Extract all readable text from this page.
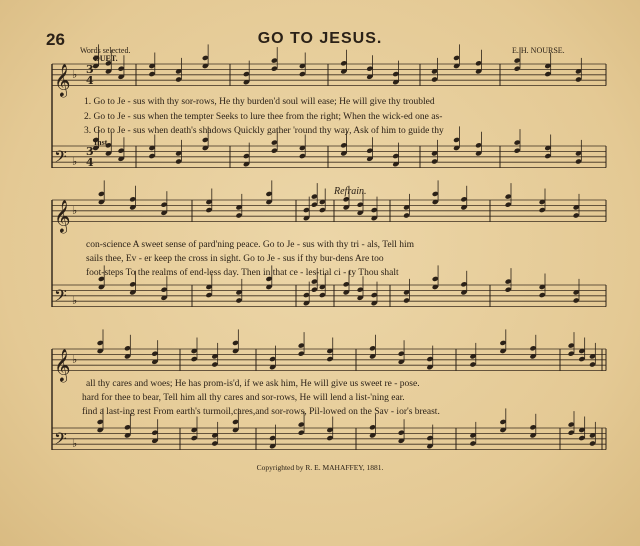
𝄞 ♭
𝄢 ♭
𝄞 ♭
𝄢 ♭
𝄞 ♭
𝄢 ♭
3
4
3
4
26	GO TO JESUS.
Words selected.
DUET.
E. H. NOURSE.
1. Go to Je - sus with thy sor-rows, He thy burden'd soul will ease; He will give thy troubled
2. Go to Je - sus when the tempter Seeks to lure thee from the right; When the wick-ed one as-
3. Go to Je - sus when death's shadows Quickly gather 'round thy way, Ask of him to guide thy
Inst.
Refrain.
con-science A sweet sense of pard'ning peace. Go to Je - sus with thy tri - als, Tell him
sails thee, Ev - er keep the cross in sight. Go to Je - sus if thy bur-dens Are too
foot-steps To the realms of end-less day. Then in that ce - les-tial ci - ty Thou shalt
all thy cares and woes; He has prom-is'd, if we ask him, He will give us sweet re - pose.
hard for thee to bear, Tell him all thy cares and sor-rows, He will lend a list-'ning ear.
find a last-ing rest From earth's turmoil,cares,and sor-rows, Pil-lowed on the Sav - ior's breast.
Copyrighted by R. E. MAHAFFEY, 1881.
